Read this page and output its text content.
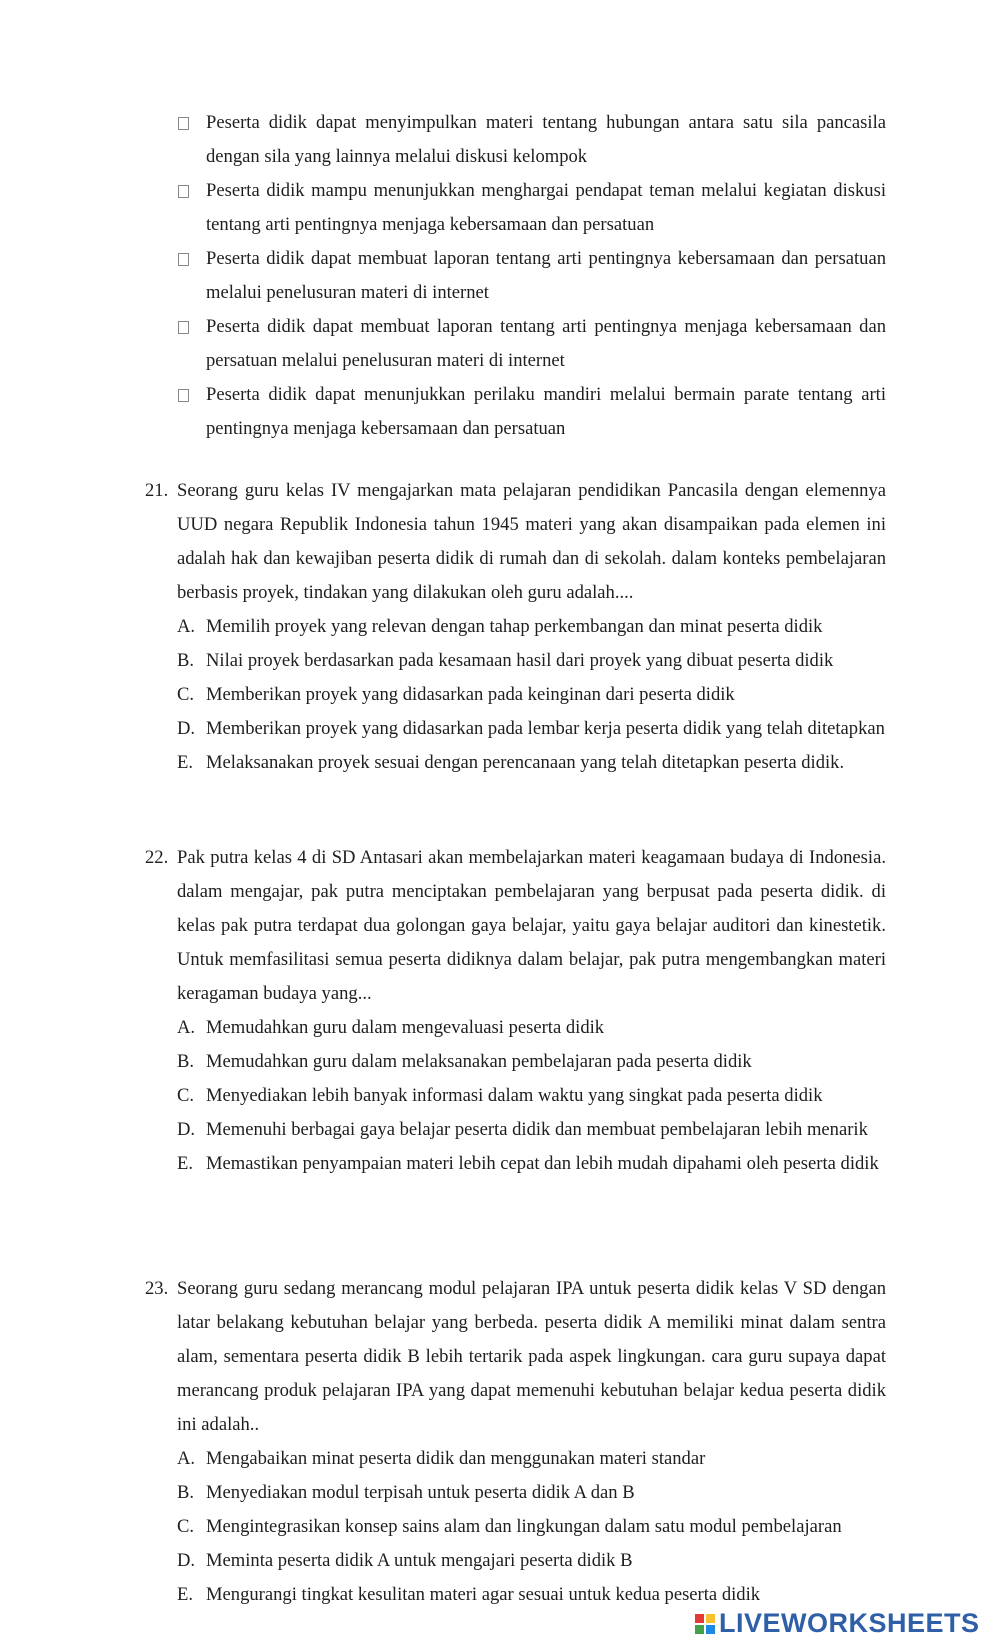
Peserta didik dapat menyimpulkan materi tentang hubungan antara satu sila pancasila dengan sila yang lainnya melalui diskusi kelompok
Peserta didik mampu menunjukkan menghargai pendapat teman melalui kegiatan diskusi tentang arti pentingnya menjaga kebersamaan dan persatuan
Peserta didik dapat membuat laporan tentang arti pentingnya kebersamaan dan persatuan melalui penelusuran materi di internet
Peserta didik dapat membuat laporan tentang arti pentingnya menjaga kebersamaan dan persatuan melalui penelusuran materi di internet
Peserta didik dapat menunjukkan perilaku mandiri melalui bermain parate tentang arti pentingnya menjaga kebersamaan dan persatuan
21. Seorang guru kelas IV mengajarkan mata pelajaran pendidikan Pancasila dengan elemennya UUD negara Republik Indonesia tahun 1945 materi yang akan disampaikan pada elemen ini adalah hak dan kewajiban peserta didik di rumah dan di sekolah. dalam konteks pembelajaran berbasis proyek, tindakan yang dilakukan oleh guru adalah....
A. Memilih proyek yang relevan dengan tahap perkembangan dan minat peserta didik
B. Nilai proyek berdasarkan pada kesamaan hasil dari proyek yang dibuat peserta didik
C. Memberikan proyek yang didasarkan pada keinginan dari peserta didik
D. Memberikan proyek yang didasarkan pada lembar kerja peserta didik yang telah ditetapkan
E. Melaksanakan proyek sesuai dengan perencanaan yang telah ditetapkan peserta didik.
22. Pak putra kelas 4 di SD Antasari akan membelajarkan materi keagamaan budaya di Indonesia. dalam mengajar, pak putra menciptakan pembelajaran yang berpusat pada peserta didik. di kelas pak putra terdapat dua golongan gaya belajar, yaitu gaya belajar auditori dan kinestetik. Untuk memfasilitasi semua peserta didiknya dalam belajar, pak putra mengembangkan materi keragaman budaya yang...
A. Memudahkan guru dalam mengevaluasi peserta didik
B. Memudahkan guru dalam melaksanakan pembelajaran pada peserta didik
C. Menyediakan lebih banyak informasi dalam waktu yang singkat pada peserta didik
D. Memenuhi berbagai gaya belajar peserta didik dan membuat pembelajaran lebih menarik
E. Memastikan penyampaian materi lebih cepat dan lebih mudah dipahami oleh peserta didik
23. Seorang guru sedang merancang modul pelajaran IPA untuk peserta didik kelas V SD dengan latar belakang kebutuhan belajar yang berbeda. peserta didik A memiliki minat dalam sentra alam, sementara peserta didik B lebih tertarik pada aspek lingkungan. cara guru supaya dapat merancang produk pelajaran IPA yang dapat memenuhi kebutuhan belajar kedua peserta didik ini adalah..
A. Mengabaikan minat peserta didik dan menggunakan materi standar
B. Menyediakan modul terpisah untuk peserta didik A dan B
C. Mengintegrasikan konsep sains alam dan lingkungan dalam satu modul pembelajaran
D. Meminta peserta didik A untuk mengajari peserta didik B
E. Mengurangi tingkat kesulitan materi agar sesuai untuk kedua peserta didik
LIVEWORKSHEETS
